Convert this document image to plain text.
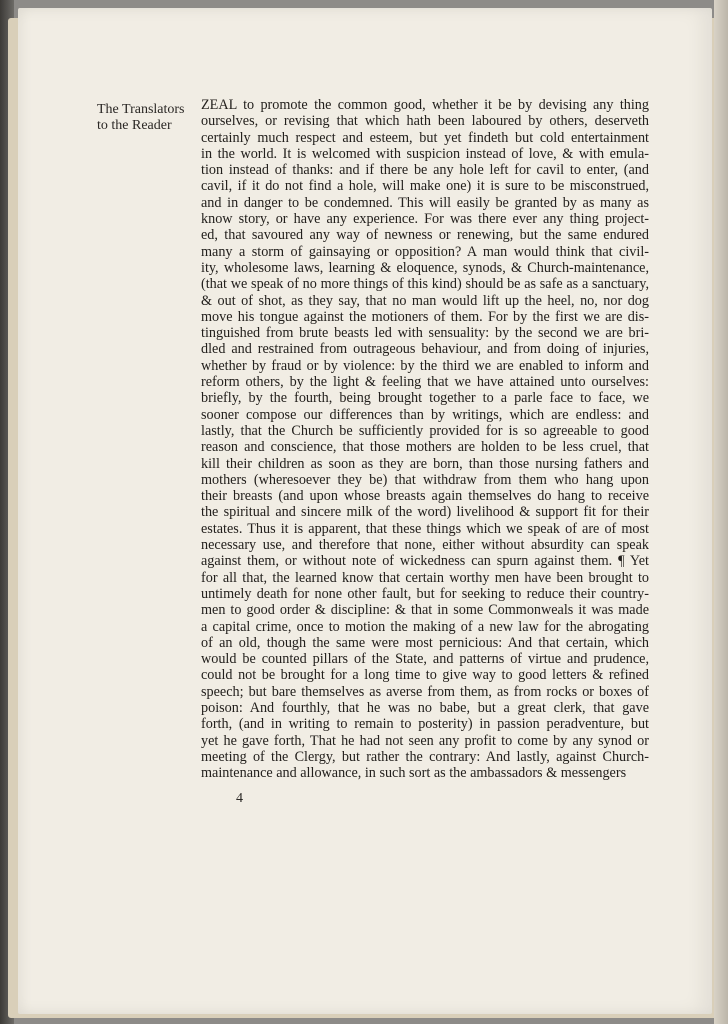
The Translators
to the Reader
ZEAL to promote the common good, whether it be by devising any thing
ourselves, or revising that which hath been laboured by others, deserveth
certainly much respect and esteem, but yet findeth but cold entertainment
in the world. It is welcomed with suspicion instead of love, & with emula-
tion instead of thanks: and if there be any hole left for cavil to enter, (and
cavil, if it do not find a hole, will make one) it is sure to be misconstrued,
and in danger to be condemned. This will easily be granted by as many as
know story, or have any experience. For was there ever any thing project-
ed, that savoured any way of newness or renewing, but the same endured
many a storm of gainsaying or opposition? A man would think that civil-
ity, wholesome laws, learning & eloquence, synods, & Church-maintenance,
(that we speak of no more things of this kind) should be as safe as a sanctuary,
& out of shot, as they say, that no man would lift up the heel, no, nor dog
move his tongue against the motioners of them. For by the first we are dis-
tinguished from brute beasts led with sensuality: by the second we are bri-
dled and restrained from outrageous behaviour, and from doing of injuries,
whether by fraud or by violence: by the third we are enabled to inform and
reform others, by the light & feeling that we have attained unto ourselves:
briefly, by the fourth, being brought together to a parle face to face, we
sooner compose our differences than by writings, which are endless: and
lastly, that the Church be sufficiently provided for is so agreeable to good
reason and conscience, that those mothers are holden to be less cruel, that
kill their children as soon as they are born, than those nursing fathers and
mothers (wheresoever they be) that withdraw from them who hang upon
their breasts (and upon whose breasts again themselves do hang to receive
the spiritual and sincere milk of the word) livelihood & support fit for their
estates. Thus it is apparent, that these things which we speak of are of most
necessary use, and therefore that none, either without absurdity can speak
against them, or without note of wickedness can spurn against them. ¶ Yet
for all that, the learned know that certain worthy men have been brought to
untimely death for none other fault, but for seeking to reduce their country-
men to good order & discipline: & that in some Commonweals it was made
a capital crime, once to motion the making of a new law for the abrogating
of an old, though the same were most pernicious: And that certain, which
would be counted pillars of the State, and patterns of virtue and prudence,
could not be brought for a long time to give way to good letters & refined
speech; but bare themselves as averse from them, as from rocks or boxes of
poison: And fourthly, that he was no babe, but a great clerk, that gave
forth, (and in writing to remain to posterity) in passion peradventure, but
yet he gave forth, That he had not seen any profit to come by any synod or
meeting of the Clergy, but rather the contrary: And lastly, against Church-
maintenance and allowance, in such sort as the ambassadors & messengers
4
